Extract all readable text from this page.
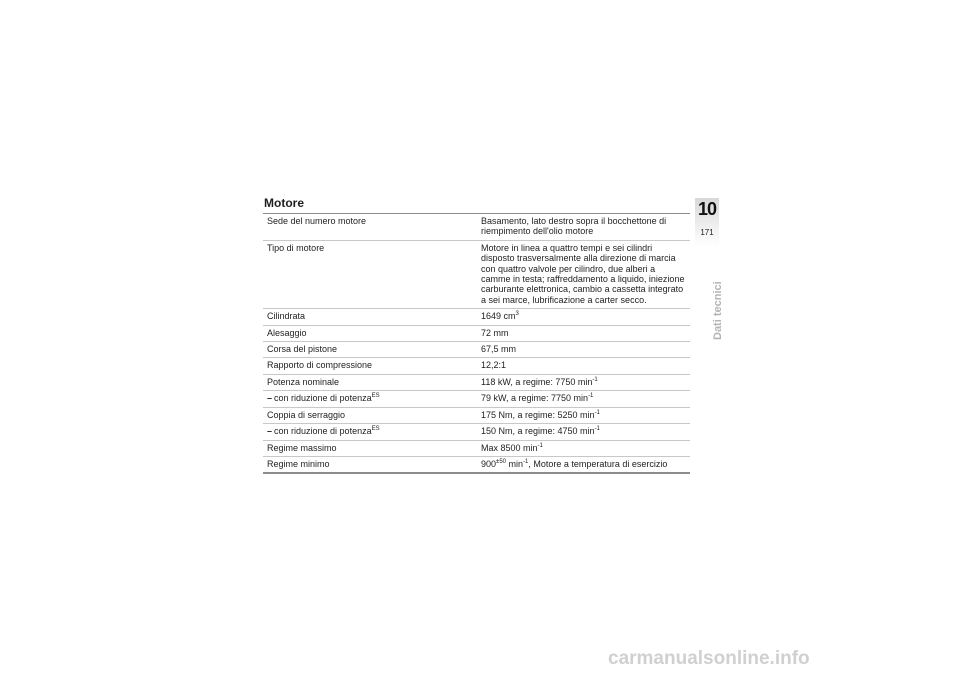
Motore
Sede del numero motore	Basamento, lato destro sopra il bocchettone di riempimento dell'olio motore
Tipo di motore	Motore in linea a quattro tempi e sei cilindri disposto trasversalmente alla direzione di marcia con quattro valvole per cilindro, due alberi a camme in testa; raffreddamento a liquido, iniezione carburante elettronica, cambio a cassetta integrato a sei marce, lubrificazione a carter secco.
Cilindrata	1649 $cm^3$
Alesaggio	72 mm
Corsa del pistone	67,5 mm
Rapporto di compressione	12,2:1
Potenza nominale	118 kW, a regime: 7750 $\min^{-1}$
– con riduzione di potenza$^{ES}$	79 kW, a regime: 7750 $\min^{-1}$
Coppia di serraggio	175 Nm, a regime: 5250 $\min^{-1}$
– con riduzione di potenza$^{ES}$	150 Nm, a regime: 4750 $\min^{-1}$
Regime massimo	Max 8500 $\min^{-1}$
Regime minimo	$900^{\pm 50}$ $\min^{-1}$, Motore a temperatura di esercizio
10
171
Dati tecnici
carmanualsonline.info
